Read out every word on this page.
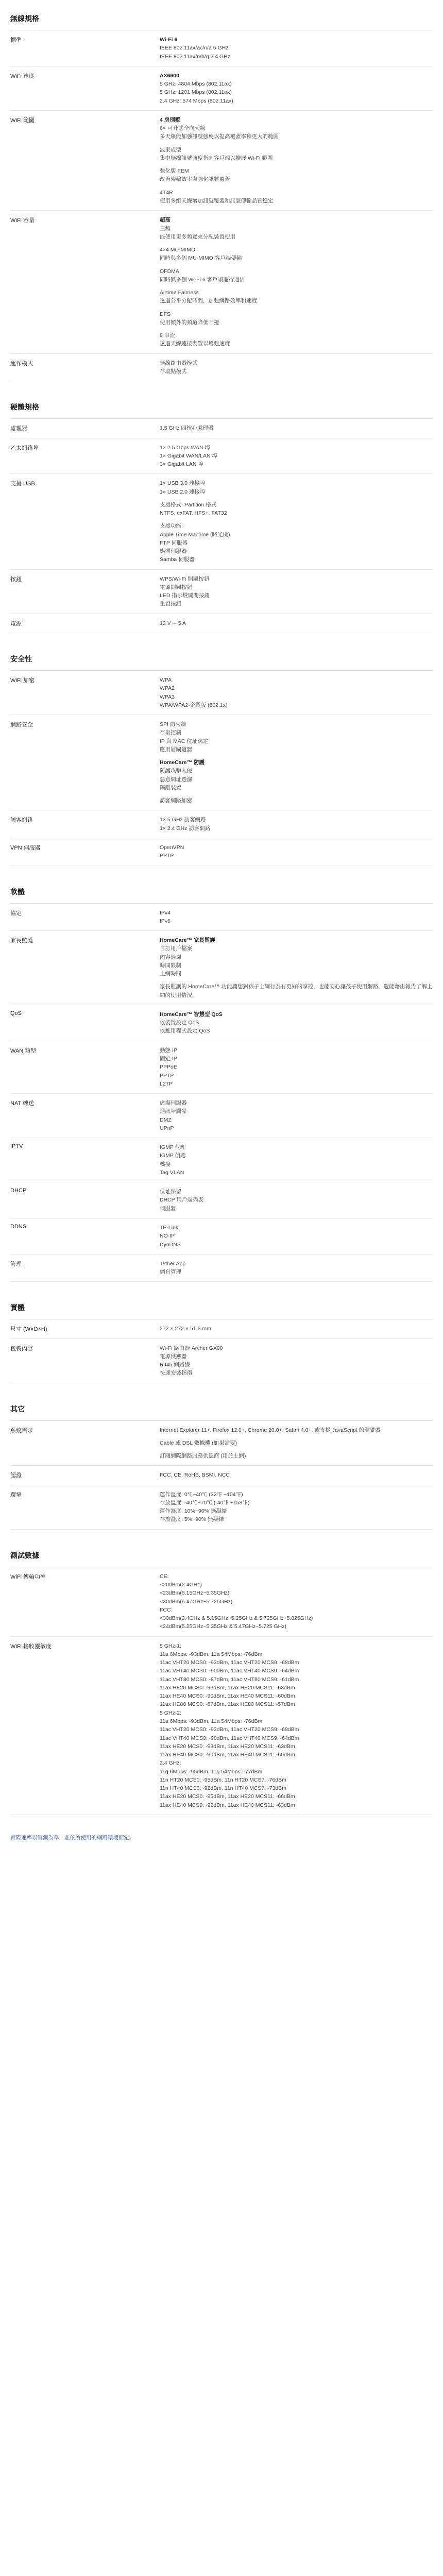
無線規格
標準	Wi-Fi 6
IEEE 802.11ax/ac/n/a 5 GHz
IEEE 802.11ax/n/b/g 2.4 GHz
WiFi 速度	AX6600
5 GHz: 4804 Mbps (802.11ax)
5 GHz: 1201 Mbps (802.11ax)
2.4 GHz: 574 Mbps (802.11ax)
WiFi 範圍	4 房別墅
6× 可升式全向天線
多天線能加強訊號強度以提高覆蓋率和更大的範圍
波束成型
集中無線訊號強度指向客戶端以擴展 Wi-Fi 範圍
強化版 FEM
改善傳輸效率與強化訊號覆蓋
4T4R
使用多組天線增加訊號覆蓋和訊號傳輸品質穩定
WiFi 容量	超高
三頻
能使用更多頻寬來分配裝置使用
4×4 MU-MIMO
同時與多個 MU-MIMO 客戶端傳輸
OFDMA
同時與多個 Wi-Fi 6 客戶端進行通信
Airtime Fairness
透過公平分配時間，加強網路效率和速度
DFS
使用額外的頻道降低干擾
8 串流
透過天線連接裝置以增強速度
運作模式	無線路由器模式
存取點模式
硬體規格
處理器	1.5 GHz 四核心處理器
乙太網路埠	1× 2.5 Gbps WAN 埠
1× Gigabit WAN/LAN 埠
3× Gigabit LAN 埠
支援 USB	1× USB 3.0 連接埠
1× USB 2.0 連接埠
支援格式: Partition 格式
NTFS, exFAT, HFS+, FAT32
支援功能:
Apple Time Machine (時光機)
FTP 伺服器
媒體伺服器
Samba 伺服器
按鈕	WPS/Wi-Fi 開關按鈕
電源開關按鈕
LED 指示燈開關按鈕
重置按鈕
電源	12 V ⎓ 5 A
安全性
WiFi 加密	WPA
WPA2
WPA3
WPA/WPA2-企業版 (802.1x)
網路安全	SPI 防火牆
存取控制
IP 與 MAC 位址綁定
應用層閘道器
HomeCare™ 防護
防護攻擊入侵
惡意網址過濾
隔離裝置
訪客網路加密
訪客網路	1× 5 GHz 訪客網路
1× 2.4 GHz 訪客網路
VPN 伺服器	OpenVPN
PPTP
軟體
協定	IPv4
IPv6
家長監護	HomeCare™ 家長監護
自訂用戶檔案
內容過濾
時間限制
上網時間
家長監護的 HomeCare™ 功能讓您對孩子上網行為有更好的掌控，也能安心讓孩子使用網路，還能藉由報告了解上網的使用情況。
QoS	HomeCare™ 智慧型 QoS
依裝置設定 QoS
依應用程式設定 QoS
WAN 類型	動態 IP
固定 IP
PPPoE
PPTP
L2TP
NAT 轉送	虛擬伺服器
通訊埠觸發
DMZ
UPnP
IPTV	IGMP 代理
IGMP 偵聽
橋接
Tag VLAN
DHCP	位址保留
DHCP 用戶端列表
伺服器
DDNS	TP-Link
NO-IP
DynDNS
管理	Tether App
網頁管理
實體
尺寸 (W×D×H)	272 × 272 × 51.5 mm
包裝內容	Wi-Fi 路由器 Archer GX90
電源供應器
RJ45 網路線
快速安裝指南
其它
系統需求	Internet Explorer 11+, Firefox 12.0+, Chrome 20.0+, Safari 4.0+, 或支援 JavaScript 的瀏覽器
Cable 或 DSL 數據機 (如果需要)
訂閱網際網路服務供應商 (用於上網)
認證	FCC, CE, RoHS, BSMI, NCC
環境	運作溫度: 0℃~40℃ (32℉ ~104℉)
存放溫度: -40℃~70℃ (-40℉ ~158℉)
運作濕度: 10%~90% 無凝結
存放濕度: 5%~90% 無凝結
測試數據
WiFi 傳輸功率	CE:
<20dBm(2.4GHz)
<23dBm(5.15GHz~5.35GHz)
<30dBm(5.47GHz~5.725GHz)
FCC:
<30dBm(2.4GHz & 5.15GHz~5.25GHz & 5.725GHz~5.825GHz)
<24dBm(5.25GHz~5.35GHz & 5.47GHz~5.725 GHz)
WiFi 接收靈敏度	5 GHz-1:
11a 6Mbps: -93dBm, 11a 54Mbps: -76dBm
11ac VHT20 MCS0: -93dBm, 11ac VHT20 MCS9: -68dBm
11ac VHT40 MCS0: -90dBm, 11ac VHT40 MCS9: -64dBm
11ac VHT80 MCS0: -87dBm, 11ac VHT80 MCS9: -61dBm
11ax HE20 MCS0: -93dBm, 11ax HE20 MCS11: -63dBm
11ax HE40 MCS0: -90dBm, 11ax HE40 MCS11: -60dBm
11ax HE80 MCS0: -87dBm, 11ax HE80 MCS11: -57dBm
5 GHz-2:
11a 6Mbps: -93dBm, 11a 54Mbps: -76dBm
11ac VHT20 MCS0: -93dBm, 11ac VHT20 MCS9: -68dBm
11ac VHT40 MCS0: -90dBm, 11ac VHT40 MCS9: -64dBm
11ax HE20 MCS0: -93dBm, 11ax HE20 MCS11: -63dBm
11ax HE40 MCS0: -90dBm, 11ax HE40 MCS11: -60dBm
2.4 GHz:
11g 6Mbps: -95dBm, 11g 54Mbps: -77dBm
11n HT20 MCS0: -95dBm, 11n HT20 MCS7: -76dBm
11n HT40 MCS0: -92dBm, 11n HT40 MCS7: -73dBm
11ax HE20 MCS0: -95dBm, 11ax HE20 MCS11: -66dBm
11ax HE40 MCS0: -92dBm, 11ax HE40 MCS11: -63dBm
實際速率以實測為準，並依所使用的網路環境而定。
